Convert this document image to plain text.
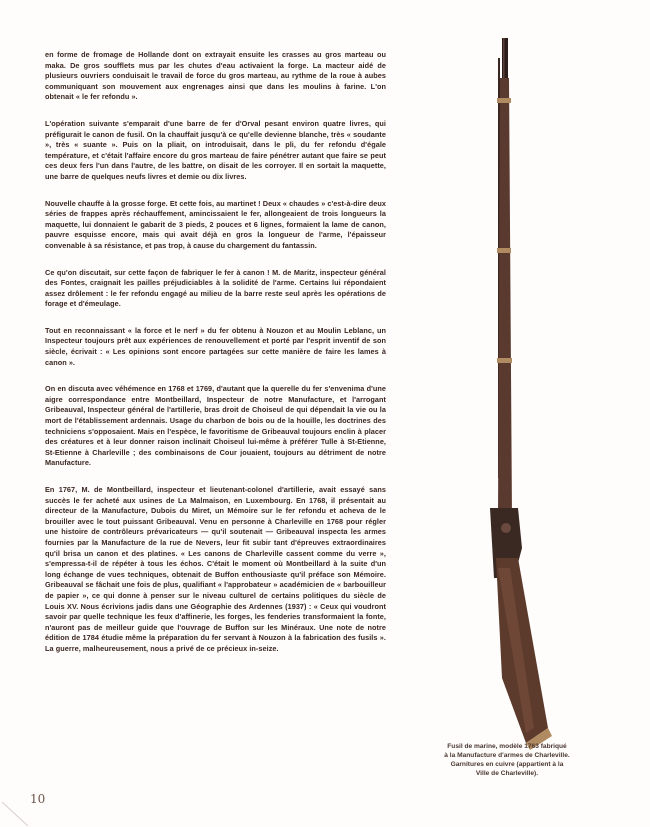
en forme de fromage de Hollande dont on extrayait ensuite les crasses au gros marteau ou maka. De gros soufflets mus par les chutes d'eau activaient la forge. La macteur aidé de plusieurs ouvriers conduisait le travail de force du gros marteau, au rythme de la roue à aubes communiquant son mouvement aux engrenages ainsi que dans les moulins à farine. L'on obtenait « le fer refondu ».

L'opération suivante s'emparait d'une barre de fer d'Orval pesant environ quatre livres, qui préfigurait le canon de fusil. On la chauffait jusqu'à ce qu'elle devienne blanche, très « soudante », très « suante ». Puis on la pliait, on introduisait, dans le pli, du fer refondu d'égale température, et c'était l'affaire encore du gros marteau de faire pénétrer autant que faire se peut ces deux fers l'un dans l'autre, de les battre, on disait de les corroyer. Il en sortait la maquette, une barre de quelques neufs livres et demie ou dix livres.

Nouvelle chauffe à la grosse forge. Et cette fois, au martinet ! Deux « chaudes » c'est-à-dire deux séries de frappes après réchauffement, amincissaient le fer, allongeaient de trois longueurs la maquette, lui donnaient le gabarit de 3 pieds, 2 pouces et 6 lignes, formaient la lame de canon, pauvre esquisse encore, mais qui avait déjà en gros la longueur de l'arme, l'épaisseur convenable à sa résistance, et pas trop, à cause du chargement du fantassin.

Ce qu'on discutait, sur cette façon de fabriquer le fer à canon ! M. de Maritz, inspecteur général des Fontes, craignait les pailles préjudiciables à la solidité de l'arme. Certains lui répondaient assez drôlement : le fer refondu engagé au milieu de la barre reste seul après les opérations de forage et d'émeulage.

Tout en reconnaissant « la force et le nerf » du fer obtenu à Nouzon et au Moulin Leblanc, un Inspecteur toujours prêt aux expériences de renouvellement et porté par l'esprit inventif de son siècle, écrivait : « Les opinions sont encore partagées sur cette manière de faire les lames à canon ».

On en discuta avec véhémence en 1768 et 1769, d'autant que la querelle du fer s'envenima d'une aigre correspondance entre Montbeillard, Inspecteur de notre Manufacture, et l'arrogant Gribeauval, Inspecteur général de l'artillerie, bras droit de Choiseul de qui dépendait la vie ou la mort de l'établissement ardennais. Usage du charbon de bois ou de la houille, les doctrines des techniciens s'opposaient. Mais en l'espèce, le favoritisme de Gribeauval toujours enclin à placer des créatures et à leur donner raison inclinait Choiseul lui-même à préférer Tulle à St-Etienne, St-Etienne à Charleville ; des combinaisons de Cour jouaient, toujours au détriment de notre Manufacture.

En 1767, M. de Montbeillard, inspecteur et lieutenant-colonel d'artillerie, avait essayé sans succès le fer acheté aux usines de La Malmaison, en Luxembourg. En 1768, il présentait au directeur de la Manufacture, Dubois du Miret, un Mémoire sur le fer refondu et acheva de le brouiller avec le tout puissant Gribeauval. Venu en personne à Charleville en 1768 pour régler une histoire de contrôleurs prévaricateurs — qu'il soutenait — Gribeauval inspecta les armes fournies par la Manufacture de la rue de Nevers, leur fit subir tant d'épreuves extraordinaires qu'il brisa un canon et des platines. « Les canons de Charleville cassent comme du verre », s'empressa-t-il de répéter à tous les échos. C'était le moment où Montbeillard à la suite d'un long échange de vues techniques, obtenait de Buffon enthousiaste qu'il préface son Mémoire. Gribeauval se fâchait une fois de plus, qualifiant « l'approbateur » académicien de « barbouilleur de papier », ce qui donne à penser sur le niveau culturel de certains politiques du siècle de Louis XV. Nous écrivions jadis dans une Géographie des Ardennes (1937) : « Ceux qui voudront savoir par quelle technique les feux d'affinerie, les forges, les fenderies transformaient la fonte, n'auront pas de meilleur guide que l'ouvrage de Buffon sur les Minéraux. Une note de notre édition de 1784 étudie même la préparation du fer servant à Nouzon à la fabrication des fusils ». La guerre, malheureusement, nous a privé de ce précieux in-seize.

Fusil de marine, modèle 1763 fabriqué
à la Manufacture d'armes de Charleville.
Garnitures en cuivre (appartient à la
Ville de Charleville).
10
